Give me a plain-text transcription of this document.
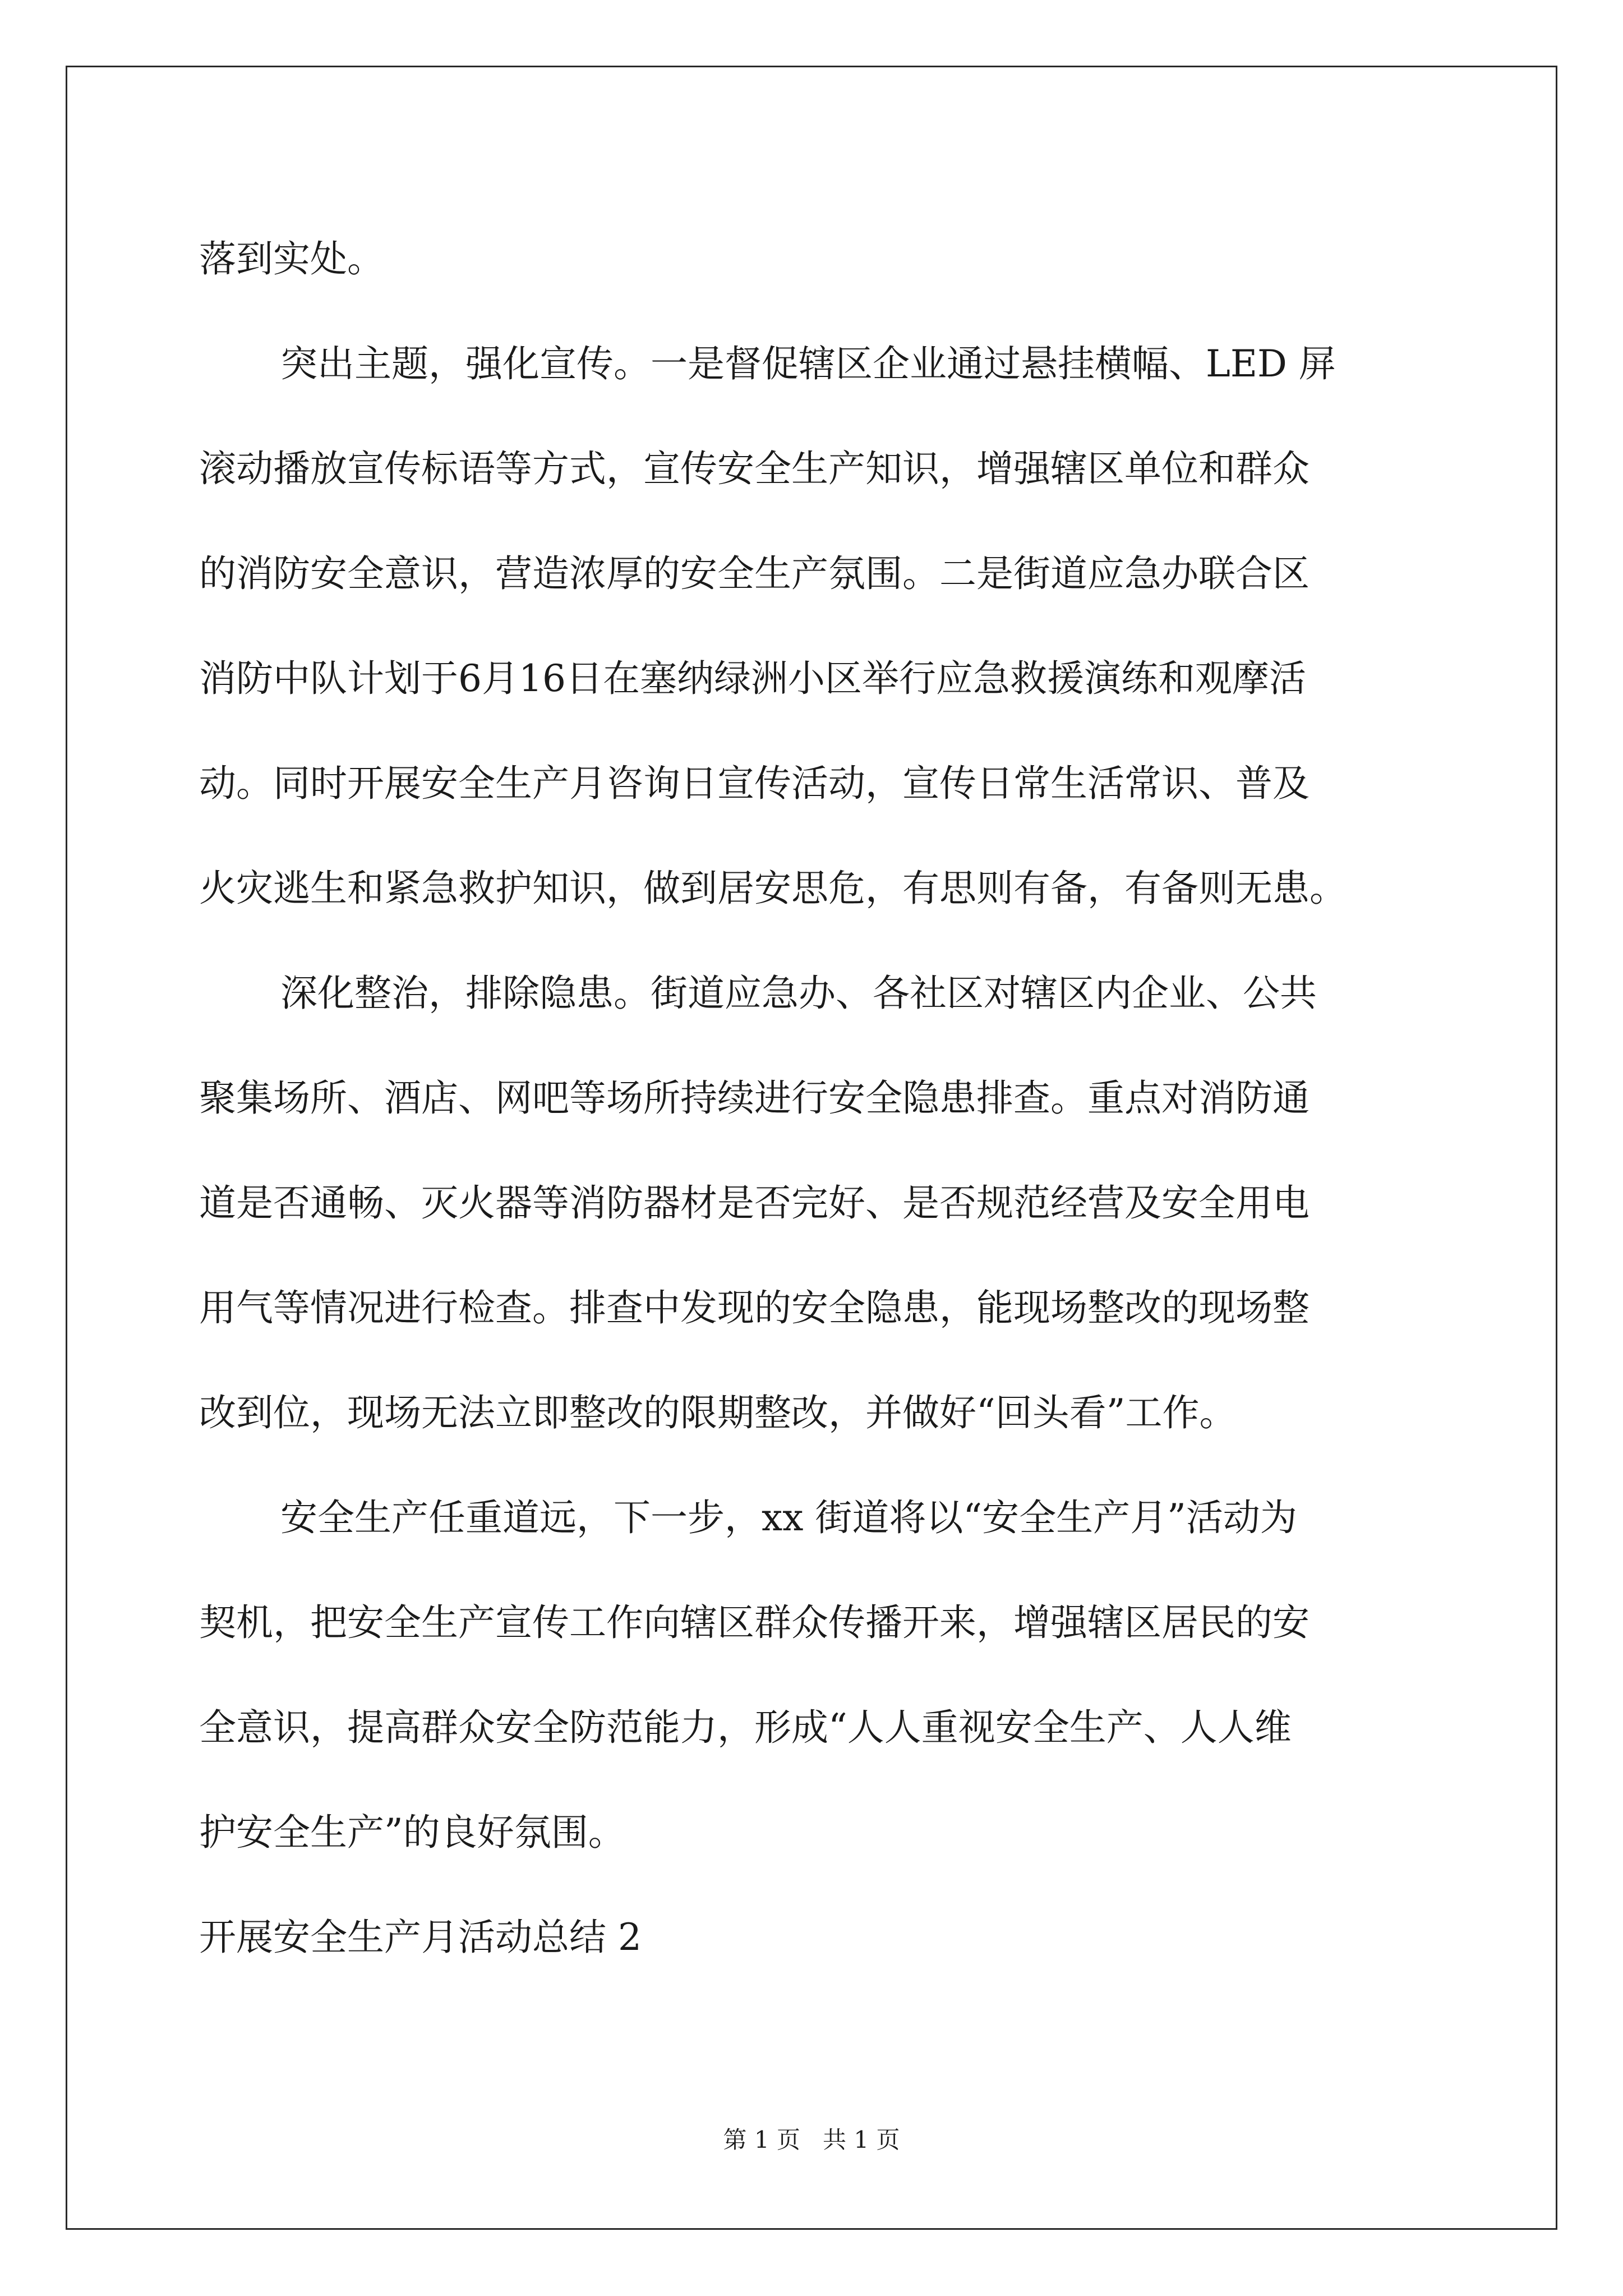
落到实处。

突出主题，强化宣传。一是督促辖区企业通过悬挂横幅、LED 屏
滚动播放宣传标语等方式，宣传安全生产知识，增强辖区单位和群众
的消防安全意识，营造浓厚的安全生产氛围。二是街道应急办联合区
消防中队计划于6月16日在塞纳绿洲小区举行应急救援演练和观摩活
动。同时开展安全生产月咨询日宣传活动，宣传日常生活常识、普及
火灾逃生和紧急救护知识，做到居安思危，有思则有备，有备则无患。

深化整治，排除隐患。街道应急办、各社区对辖区内企业、公共
聚集场所、酒店、网吧等场所持续进行安全隐患排查。重点对消防通
道是否通畅、灭火器等消防器材是否完好、是否规范经营及安全用电
用气等情况进行检查。排查中发现的安全隐患，能现场整改的现场整
改到位，现场无法立即整改的限期整改，并做好“回头看”工作。

安全生产任重道远，下一步，xx 街道将以“安全生产月”活动为
契机，把安全生产宣传工作向辖区群众传播开来，增强辖区居民的安
全意识，提高群众安全防范能力，形成“人人重视安全生产、人人维
护安全生产”的良好氛围。

开展安全生产月活动总结 2

第 1 页 共 1 页
